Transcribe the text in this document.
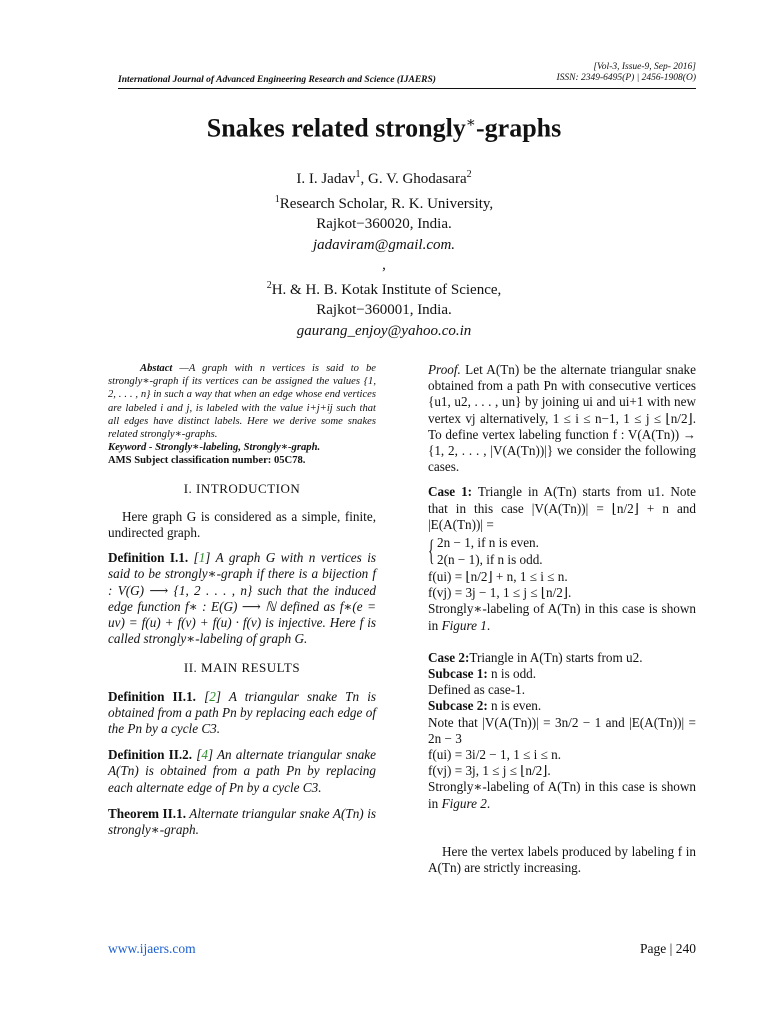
[Vol-3, Issue-9, Sep- 2016]
ISSN: 2349-6495(P) | 2456-1908(O)
International Journal of Advanced Engineering Research and Science (IJAERS)
Snakes related strongly∗-graphs
I. I. Jadav$^1$, G. V. Ghodasara$^2$
$^1$Research Scholar, R. K. University,
Rajkot−360020, India.
jadaviram@gmail.com.
,
$^2$H. & H. B. Kotak Institute of Science,
Rajkot−360001, India.
gaurang_enjoy@yahoo.co.in
Abstact —A graph with n vertices is said to be strongly∗-graph if its vertices can be assigned the values {1, 2, . . . , n} in such a way that when an edge whose end vertices are labeled i and j, is labeled with the value i+j+ij such that all edges have distinct labels. Here we derive some snakes related strongly∗-graphs.
Keyword - Strongly∗-labeling, Strongly∗-graph.
AMS Subject classification number: 05C78.
I. INTRODUCTION
Here graph G is considered as a simple, finite, undirected graph.
Definition I.1. [1] A graph G with n vertices is said to be strongly∗-graph if there is a bijection f : V(G) ⟶ {1, 2 . . . , n} such that the induced edge function f∗ : E(G) ⟶ ℕ defined as f∗(e = uv) = f(u) + f(v) + f(u) · f(v) is injective. Here f is called strongly∗-labeling of graph G.
II. MAIN RESULTS
Definition II.1. [2] A triangular snake Tn is obtained from a path Pn by replacing each edge of the Pn by a cycle C3.
Definition II.2. [4] An alternate triangular snake A(Tn) is obtained from a path Pn by replacing each alternate edge of Pn by a cycle C3.
Theorem II.1. Alternate triangular snake A(Tn) is strongly∗-graph.
Proof. Let A(Tn) be the alternate triangular snake obtained from a path Pn with consecutive vertices {u1, u2, . . . , un} by joining ui and ui+1 with new vertex vj alternatively, 1 ≤ i ≤ n−1, 1 ≤ j ≤ ⌊n/2⌋. To define vertex labeling function f : V(A(Tn)) → {1, 2, . . . , |V(A(Tn))|} we consider the following cases.
Case 1: Triangle in A(Tn) starts from u1. Note that in this case |V(A(Tn))| = ⌊n/2⌋ + n and |E(A(Tn))| =
{ 2n − 1, if n is even.
2(n − 1), if n is odd.
f(ui) = ⌊n/2⌋ + n, 1 ≤ i ≤ n.
f(vj) = 3j − 1, 1 ≤ j ≤ ⌊n/2⌋.
Strongly∗-labeling of A(Tn) in this case is shown in Figure 1.
Case 2:Triangle in A(Tn) starts from u2.
Subcase 1: n is odd.
Defined as case-1.
Subcase 2: n is even.
Note that |V(A(Tn))| = 3n/2 − 1 and |E(A(Tn))| = 2n − 3
f(ui) = 3i/2 − 1, 1 ≤ i ≤ n.
f(vj) = 3j, 1 ≤ j ≤ ⌊n/2⌋.
Strongly∗-labeling of A(Tn) in this case is shown in Figure 2.
Here the vertex labels produced by labeling f in A(Tn) are strictly increasing.
www.ijaers.com	Page | 240
